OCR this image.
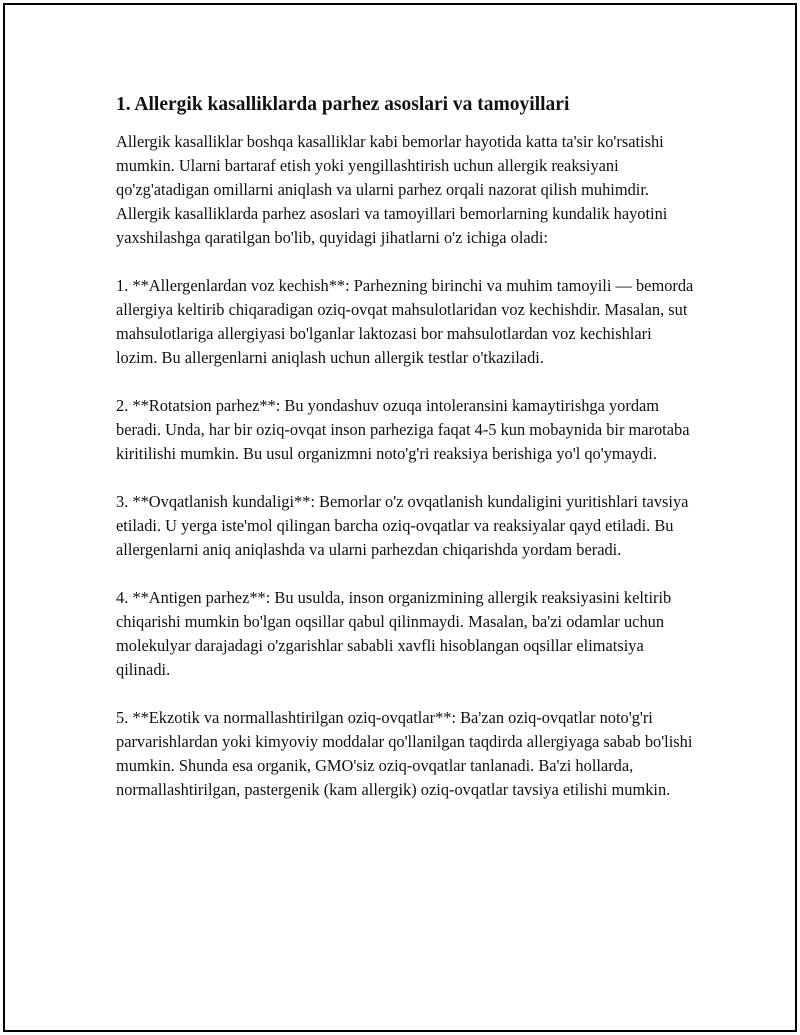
1. Allergik kasalliklarda parhez asoslari va tamoyillari

Allergik kasalliklar boshqa kasalliklar kabi bemorlar hayotida katta ta'sir ko'rsatishi mumkin. Ularni bartaraf etish yoki yengillashtirish uchun allergik reaksiyani qo'zg'atadigan omillarni aniqlash va ularni parhez orqali nazorat qilish muhimdir. Allergik kasalliklarda parhez asoslari va tamoyillari bemorlarning kundalik hayotini yaxshilashga qaratilgan bo'lib, quyidagi jihatlarni o'z ichiga oladi:

1. **Allergenlardan voz kechish**: Parhezning birinchi va muhim tamoyili — bemorda allergiya keltirib chiqaradigan oziq-ovqat mahsulotlaridan voz kechishdir. Masalan, sut mahsulotlariga allergiyasi bo'lganlar laktozasi bor mahsulotlardan voz kechishlari lozim. Bu allergenlarni aniqlash uchun allergik testlar o'tkaziladi.

2. **Rotatsion parhez**: Bu yondashuv ozuqa intoleransini kamaytirishga yordam beradi. Unda, har bir oziq-ovqat inson parheziga faqat 4-5 kun mobaynida bir marotaba kiritilishi mumkin. Bu usul organizmni noto'g'ri reaksiya berishiga yo'l qo'ymaydi.

3. **Ovqatlanish kundaligi**: Bemorlar o'z ovqatlanish kundaligini yuritishlari tavsiya etiladi. U yerga iste'mol qilingan barcha oziq-ovqatlar va reaksiyalar qayd etiladi. Bu allergenlarni aniq aniqlashda va ularni parhezdan chiqarishda yordam beradi.

4. **Antigen parhez**: Bu usulda, inson organizmining allergik reaksiyasini keltirib chiqarishi mumkin bo'lgan oqsillar qabul qilinmaydi. Masalan, ba'zi odamlar uchun molekulyar darajadagi o'zgarishlar sababli xavfli hisoblangan oqsillar elimatsiya qilinadi.

5. **Ekzotik va normallashtirilgan oziq-ovqatlar**: Ba'zan oziq-ovqatlar noto'g'ri parvarishlardan yoki kimyoviy moddalar qo'llanilgan taqdirda allergiyaga sabab bo'lishi mumkin. Shunda esa organik, GMO'siz oziq-ovqatlar tanlanadi. Ba'zi hollarda, normallashtirilgan, pastergenik (kam allergik) oziq-ovqatlar tavsiya etilishi mumkin.
